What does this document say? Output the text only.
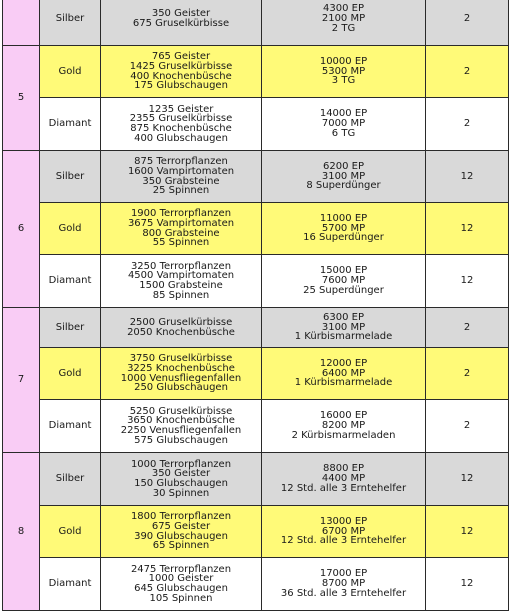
	Silber	350 Geister
675 Gruselkürbisse	4300 EP
2100 MP
2 TG	2
5	Gold	765 Geister
1425 Gruselkürbisse
400 Knochenbüsche
175 Glubschaugen	10000 EP
5300 MP
3 TG	2
	Diamant	1235 Geister
2355 Gruselkürbisse
875 Knochenbüsche
400 Glubschaugen	14000 EP
7000 MP
6 TG	2
6	Silber	875 Terrorpflanzen
1600 Vampirtomaten
350 Grabsteine
25 Spinnen	6200 EP
3100 MP
8 Superdünger	12
	Gold	1900 Terrorpflanzen
3675 Vampirtomaten
800 Grabsteine
55 Spinnen	11000 EP
5700 MP
16 Superdünger	12
	Diamant	3250 Terrorpflanzen
4500 Vampirtomaten
1500 Grabsteine
85 Spinnen	15000 EP
7600 MP
25 Superdünger	12
7	Silber	2500 Gruselkürbisse
2050 Knochenbüsche	6300 EP
3100 MP
1 Kürbismarmelade	2
	Gold	3750 Gruselkürbisse
3225 Knochenbüsche
1000 Venusfliegenfallen
250 Glubschaugen	12000 EP
6400 MP
1 Kürbismarmelade	2
	Diamant	5250 Gruselkürbisse
3650 Knochenbüsche
2250 Venusfliegenfallen
575 Glubschaugen	16000 EP
8200 MP
2 Kürbismarmeladen	2
8	Silber	1000 Terrorpflanzen
350 Geister
150 Glubschaugen
30 Spinnen	8800 EP
4400 MP
12 Std. alle 3 Erntehelfer	12
	Gold	1800 Terrorpflanzen
675 Geister
390 Glubschaugen
65 Spinnen	13000 EP
6700 MP
12 Std. alle 3 Erntehelfer	12
	Diamant	2475 Terrorpflanzen
1000 Geister
645 Glubschaugen
105 Spinnen	17000 EP
8700 MP
36 Std. alle 3 Erntehelfer	12
